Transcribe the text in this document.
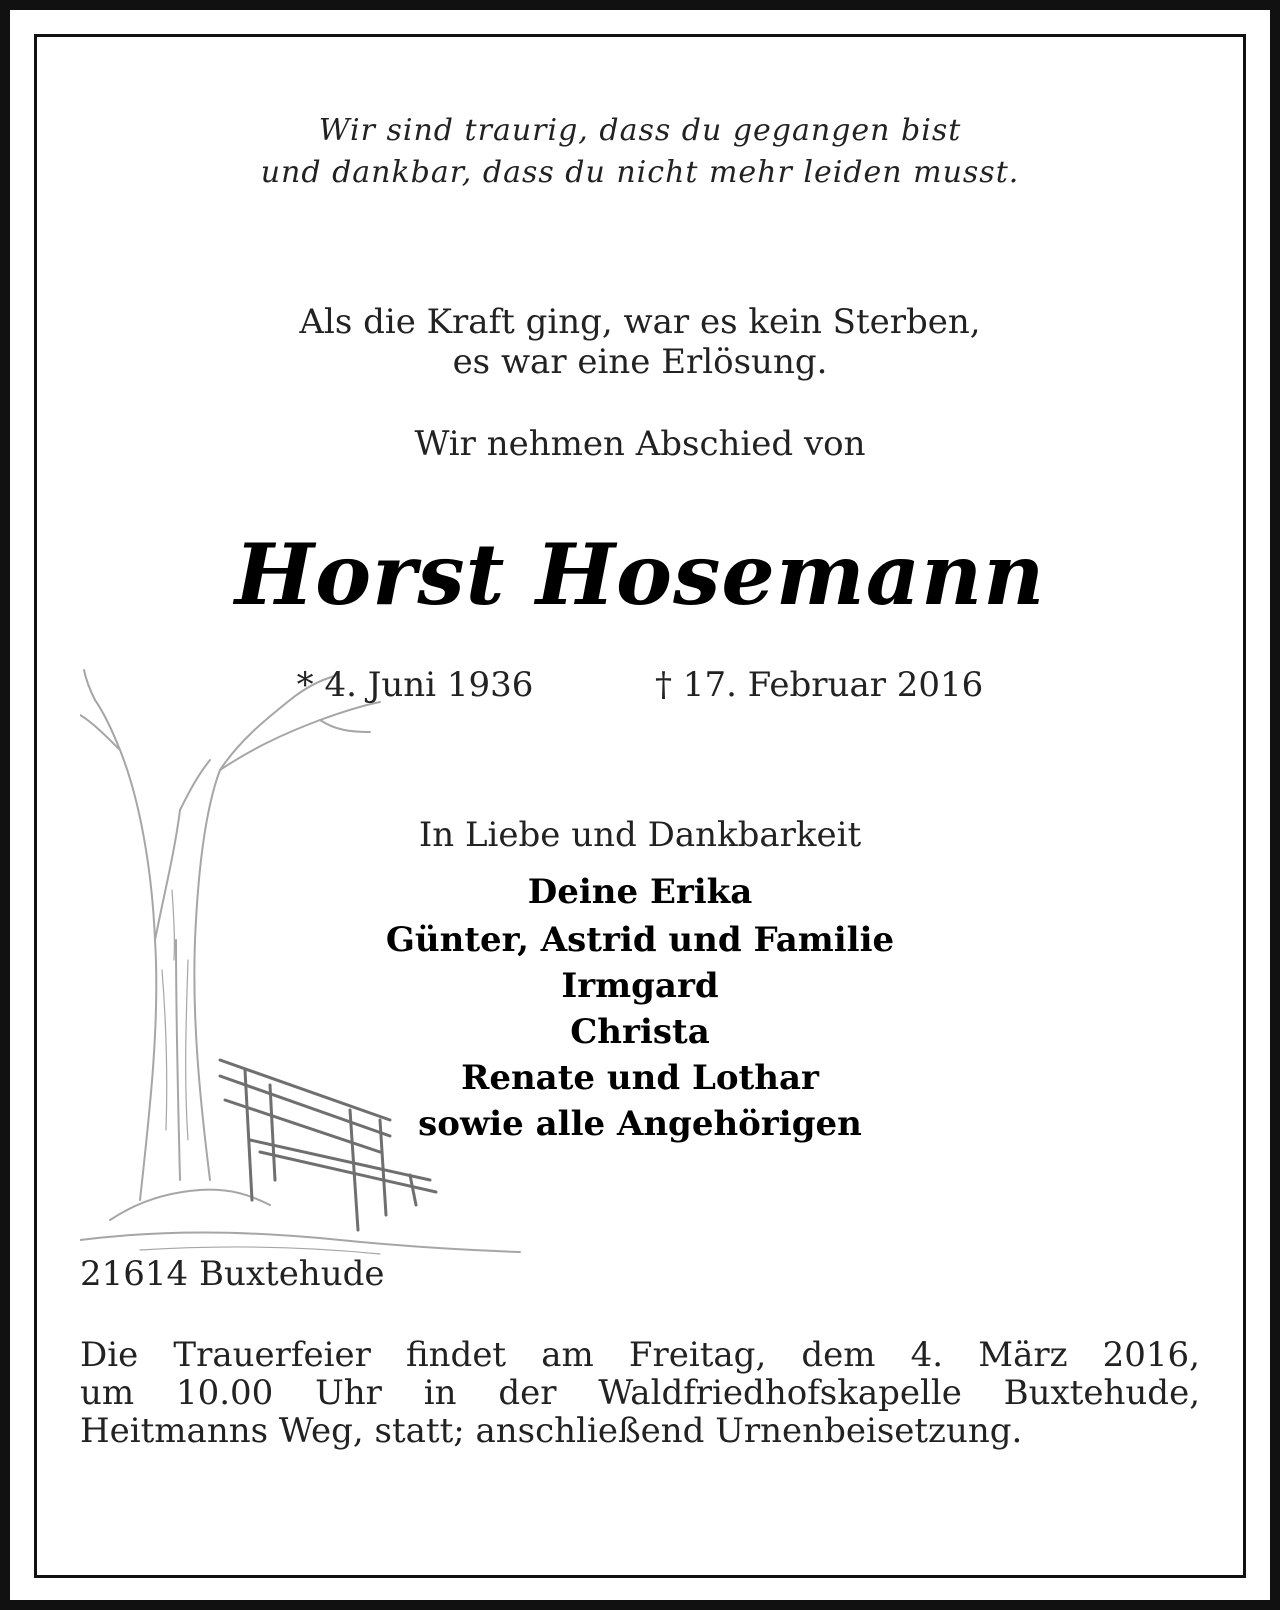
Wir sind traurig, dass du gegangen bist
und dankbar, dass du nicht mehr leiden musst.
Als die Kraft ging, war es kein Sterben,
es war eine Erlösung.
Wir nehmen Abschied von
Horst Hosemann
* 4. Juni 1936	† 17. Februar 2016
In Liebe und Dankbarkeit
Deine Erika
Günter, Astrid und Familie
Irmgard
Christa
Renate und Lothar
sowie alle Angehörigen
21614 Buxtehude
Die Trauerfeier findet am Freitag, dem 4. März 2016,
um 10.00 Uhr in der Waldfriedhofskapelle Buxtehude,
Heitmanns Weg, statt; anschließend Urnenbeisetzung.
